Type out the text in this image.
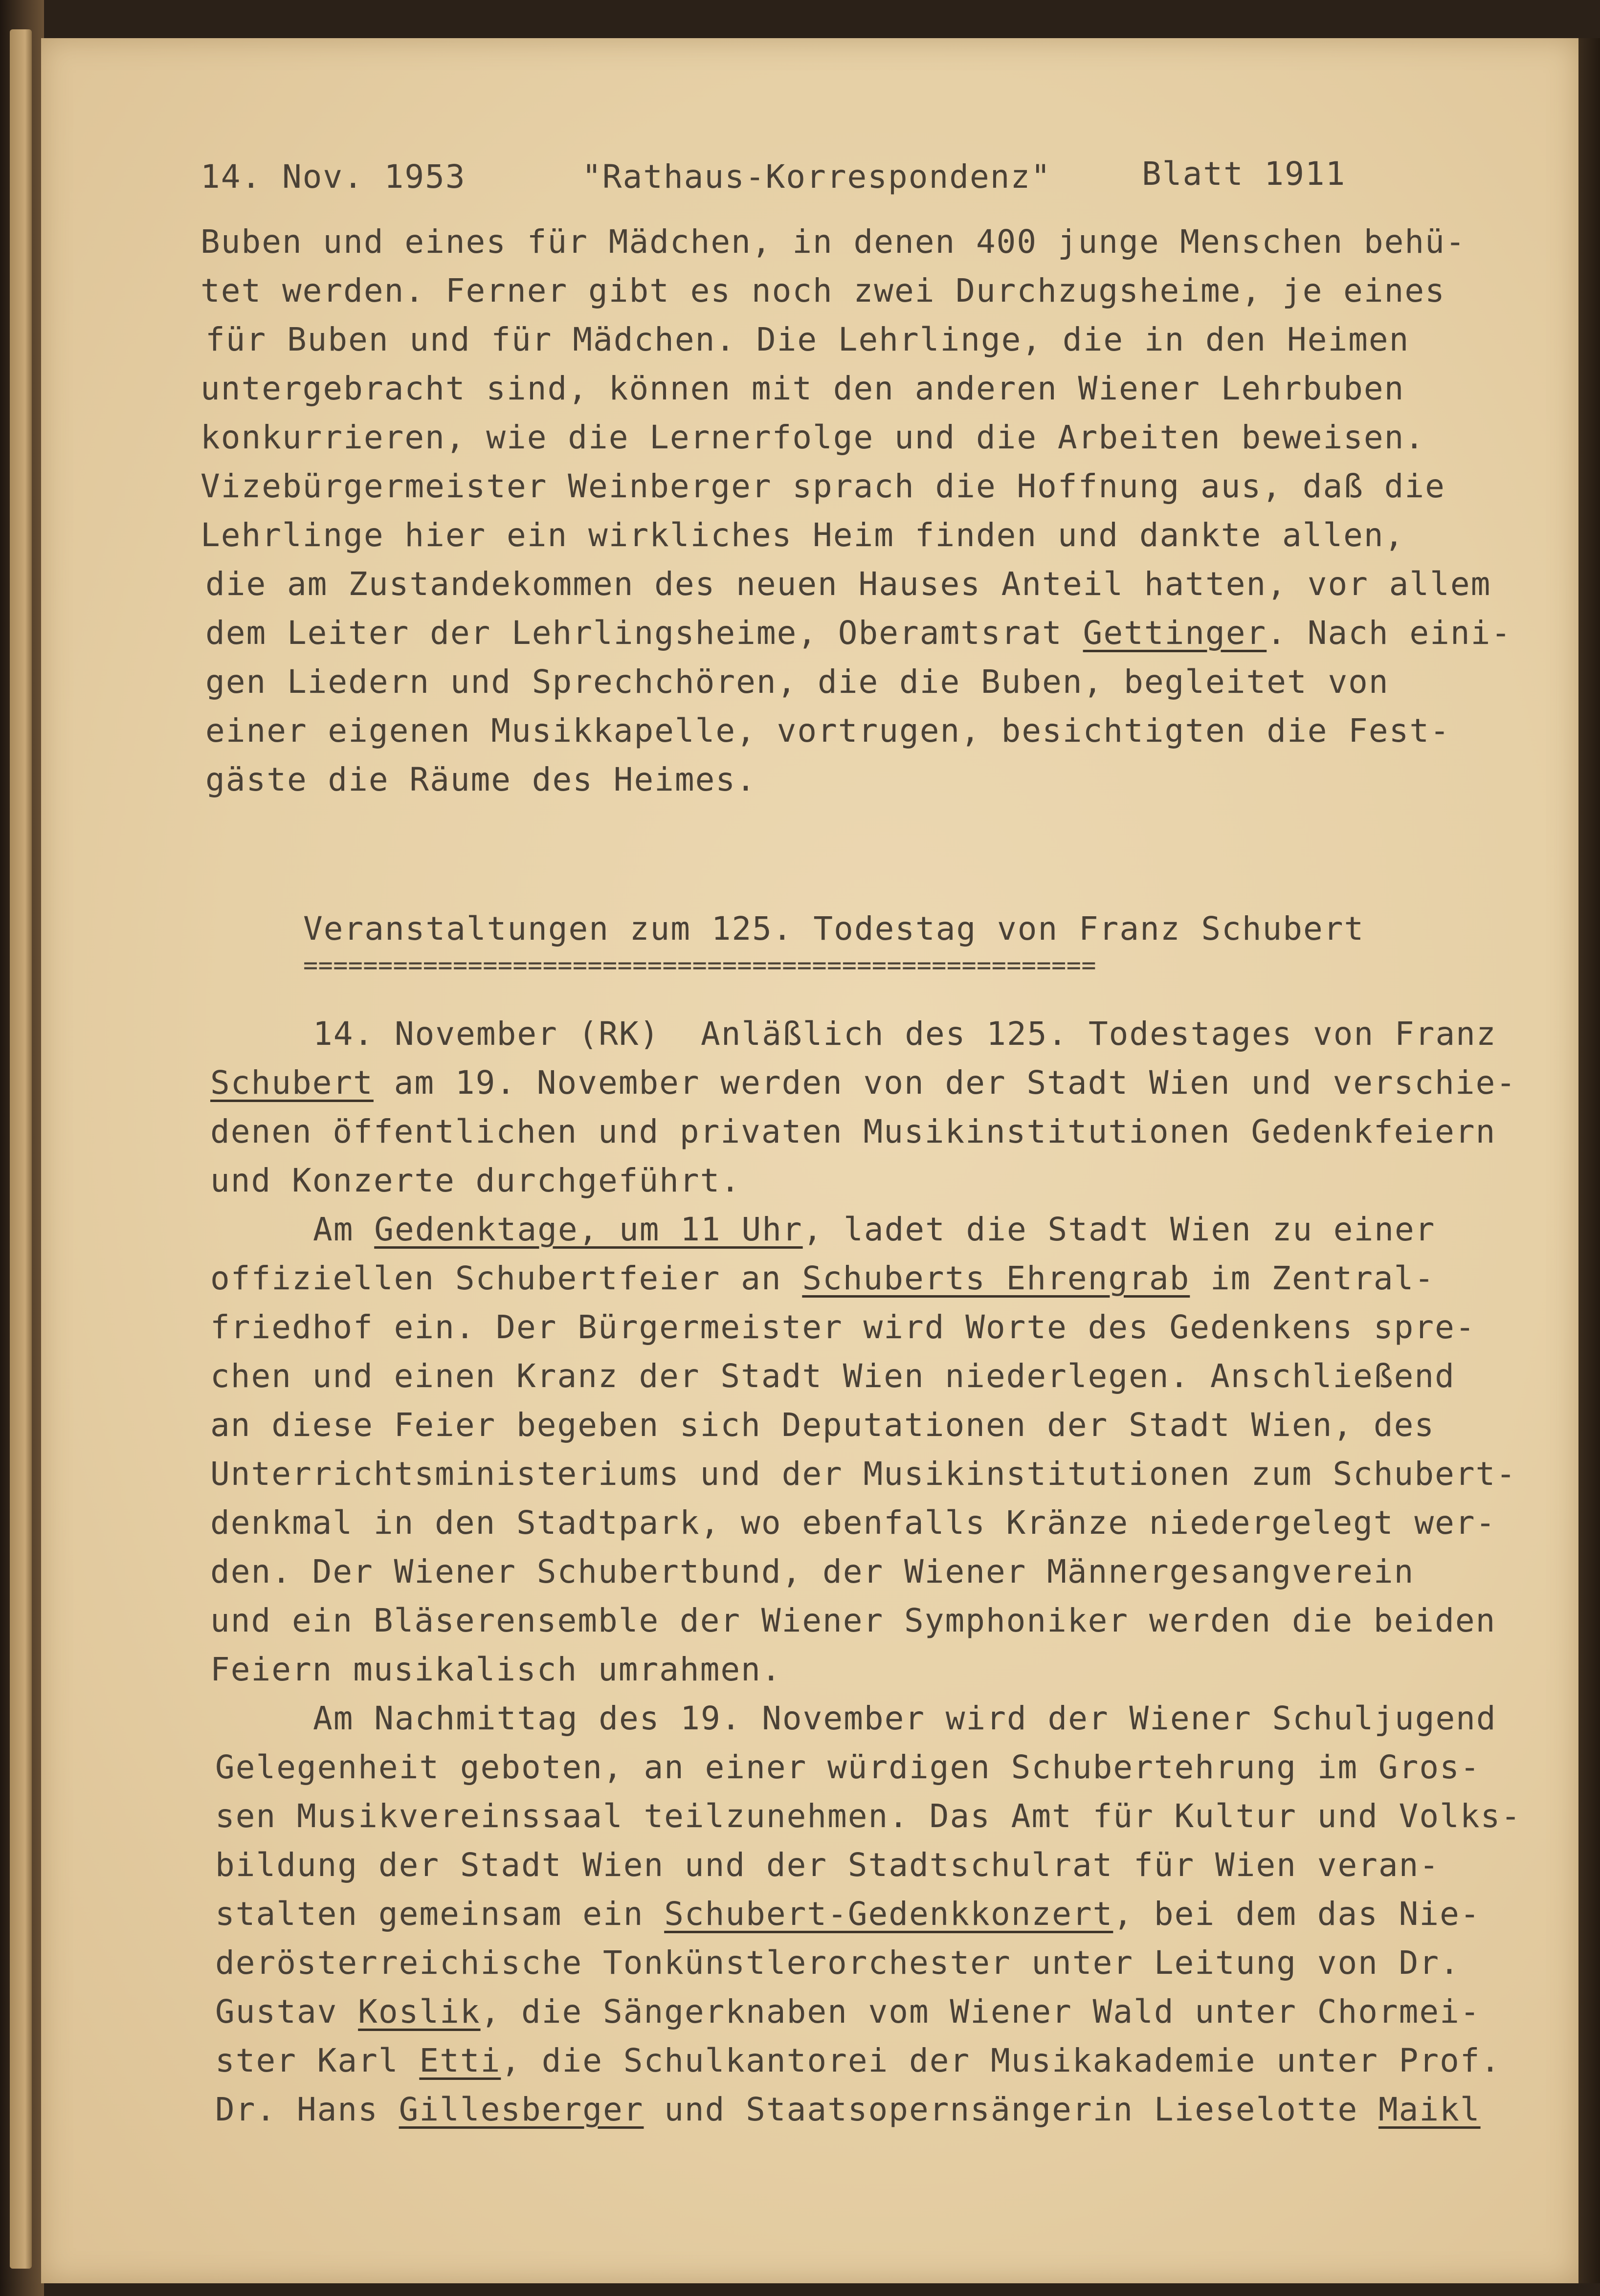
14. Nov. 1953	"Rathaus-Korrespondenz"	Blatt 1911
Buben und eines für Mädchen, in denen 400 junge Menschen behü-
tet werden. Ferner gibt es noch zwei Durchzugsheime, je eines
für Buben und für Mädchen. Die Lehrlinge, die in den Heimen
untergebracht sind, können mit den anderen Wiener Lehrbuben
konkurrieren, wie die Lernerfolge und die Arbeiten beweisen.
Vizebürgermeister Weinberger sprach die Hoffnung aus, daß die
Lehrlinge hier ein wirkliches Heim finden und dankte allen,
die am Zustandekommen des neuen Hauses Anteil hatten, vor allem
dem Leiter der Lehrlingsheime, Oberamtsrat Gettinger. Nach eini-
gen Liedern und Sprechchören, die die Buben, begleitet von
einer eigenen Musikkapelle, vortrugen, besichtigten die Fest-
gäste die Räume des Heimes.
Veranstaltungen zum 125. Todestag von Franz Schubert
=====================================================
14. November (RK)  Anläßlich des 125. Todestages von Franz
Schubert am 19. November werden von der Stadt Wien und verschie-
denen öffentlichen und privaten Musikinstitutionen Gedenkfeiern
und Konzerte durchgeführt.
Am Gedenktage, um 11 Uhr, ladet die Stadt Wien zu einer
offiziellen Schubertfeier an Schuberts Ehrengrab im Zentral-
friedhof ein. Der Bürgermeister wird Worte des Gedenkens spre-
chen und einen Kranz der Stadt Wien niederlegen. Anschließend
an diese Feier begeben sich Deputationen der Stadt Wien, des
Unterrichtsministeriums und der Musikinstitutionen zum Schubert-
denkmal in den Stadtpark, wo ebenfalls Kränze niedergelegt wer-
den. Der Wiener Schubertbund, der Wiener Männergesangverein
und ein Bläserensemble der Wiener Symphoniker werden die beiden
Feiern musikalisch umrahmen.
Am Nachmittag des 19. November wird der Wiener Schuljugend
Gelegenheit geboten, an einer würdigen Schubertehrung im Gros-
sen Musikvereinssaal teilzunehmen. Das Amt für Kultur und Volks-
bildung der Stadt Wien und der Stadtschulrat für Wien veran-
stalten gemeinsam ein Schubert-Gedenkkonzert, bei dem das Nie-
derösterreichische Tonkünstlerorchester unter Leitung von Dr.
Gustav Koslik, die Sängerknaben vom Wiener Wald unter Chormei-
ster Karl Etti, die Schulkantorei der Musikakademie unter Prof.
Dr. Hans Gillesberger und Staatsopernsängerin Lieselotte Maikl
